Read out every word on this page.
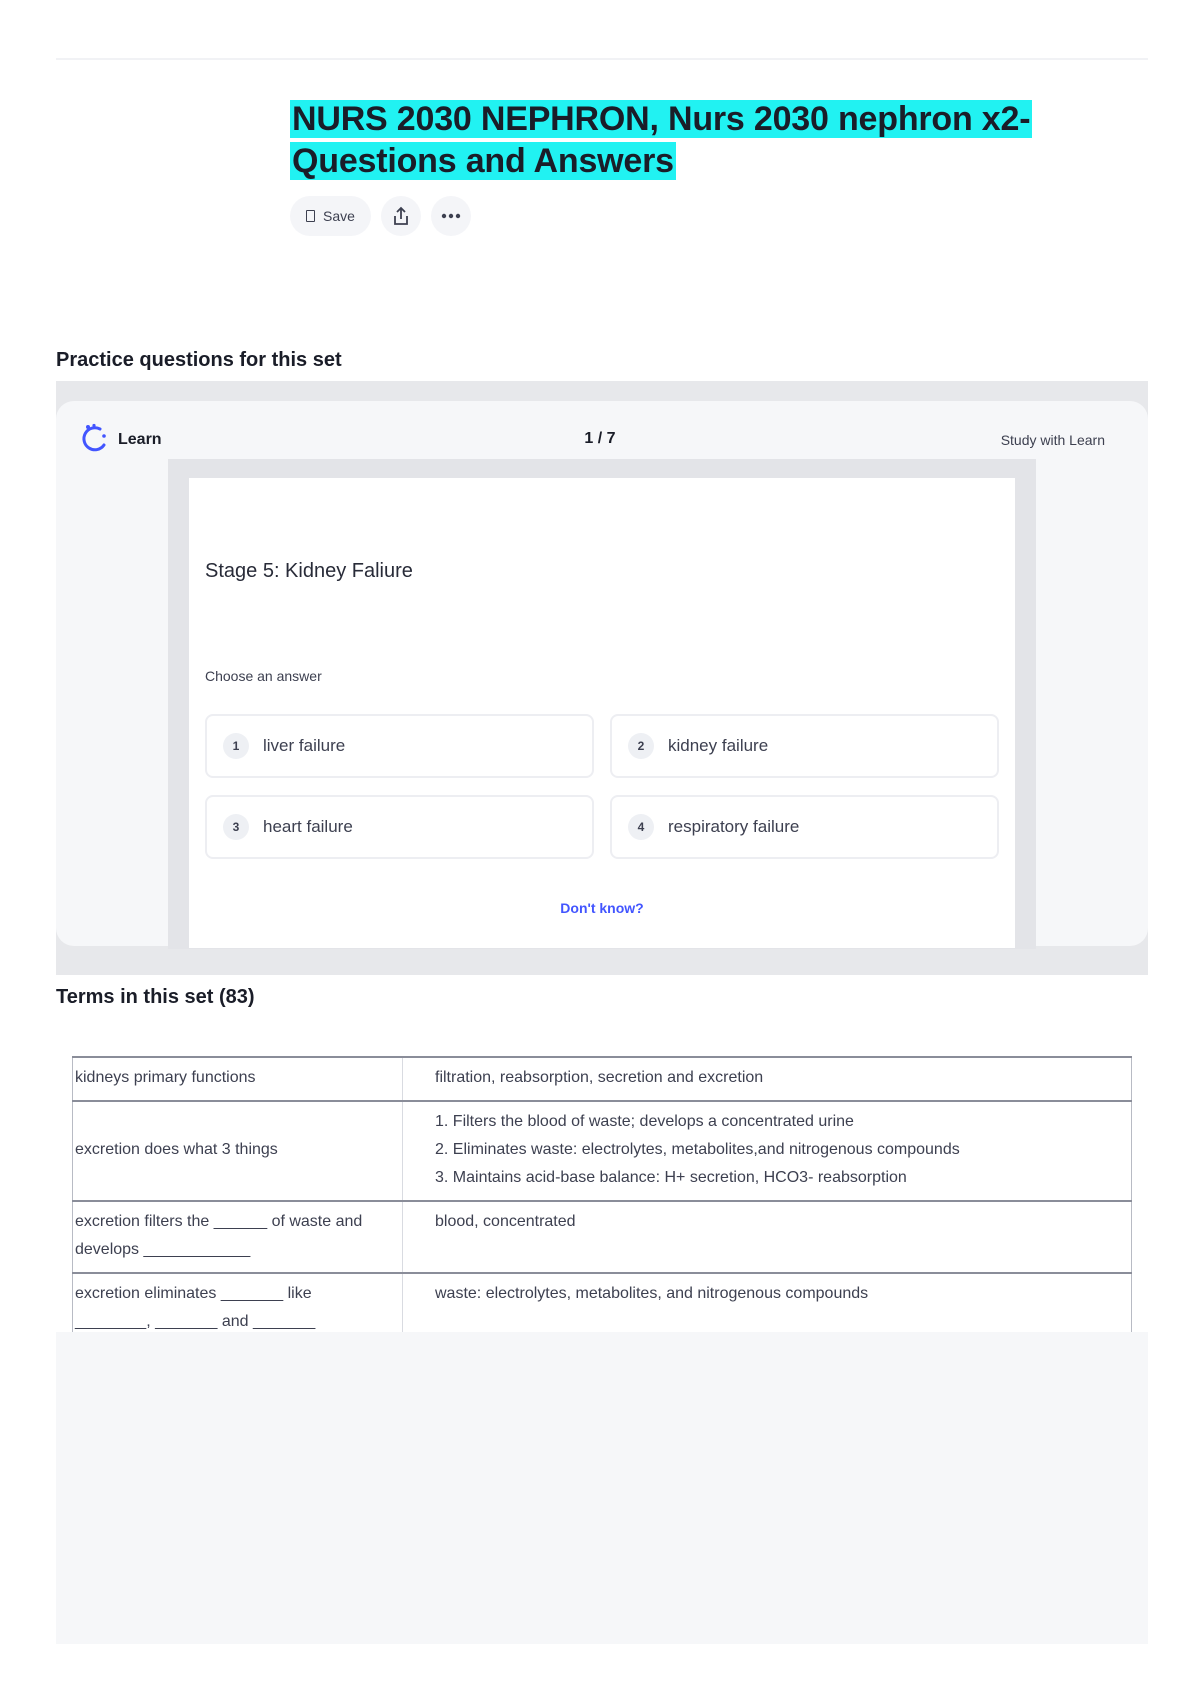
NURS 2030 NEPHRON, Nurs 2030 nephron x2- Questions and Answers
Save
Practice questions for this set
Learn	1 / 7	Study with Learn
Stage 5: Kidney Faliure
Choose an answer
1	liver failure	2	kidney failure
3	heart failure	4	respiratory failure
Don't know?
Terms in this set (83)
kidneys primary functions	filtration, reabsorption, secretion and excretion

excretion does what 3 things	1. Filters the blood of waste; develops a concentrated urine
2. Eliminates waste: electrolytes, metabolites,and nitrogenous compounds
3. Maintains acid-base balance: H+ secretion, HCO3- reabsorption

excretion filters the ______ of waste and develops ____________	blood, concentrated

excretion eliminates _______ like ________, _______ and _______	waste: electrolytes, metabolites, and nitrogenous compounds
